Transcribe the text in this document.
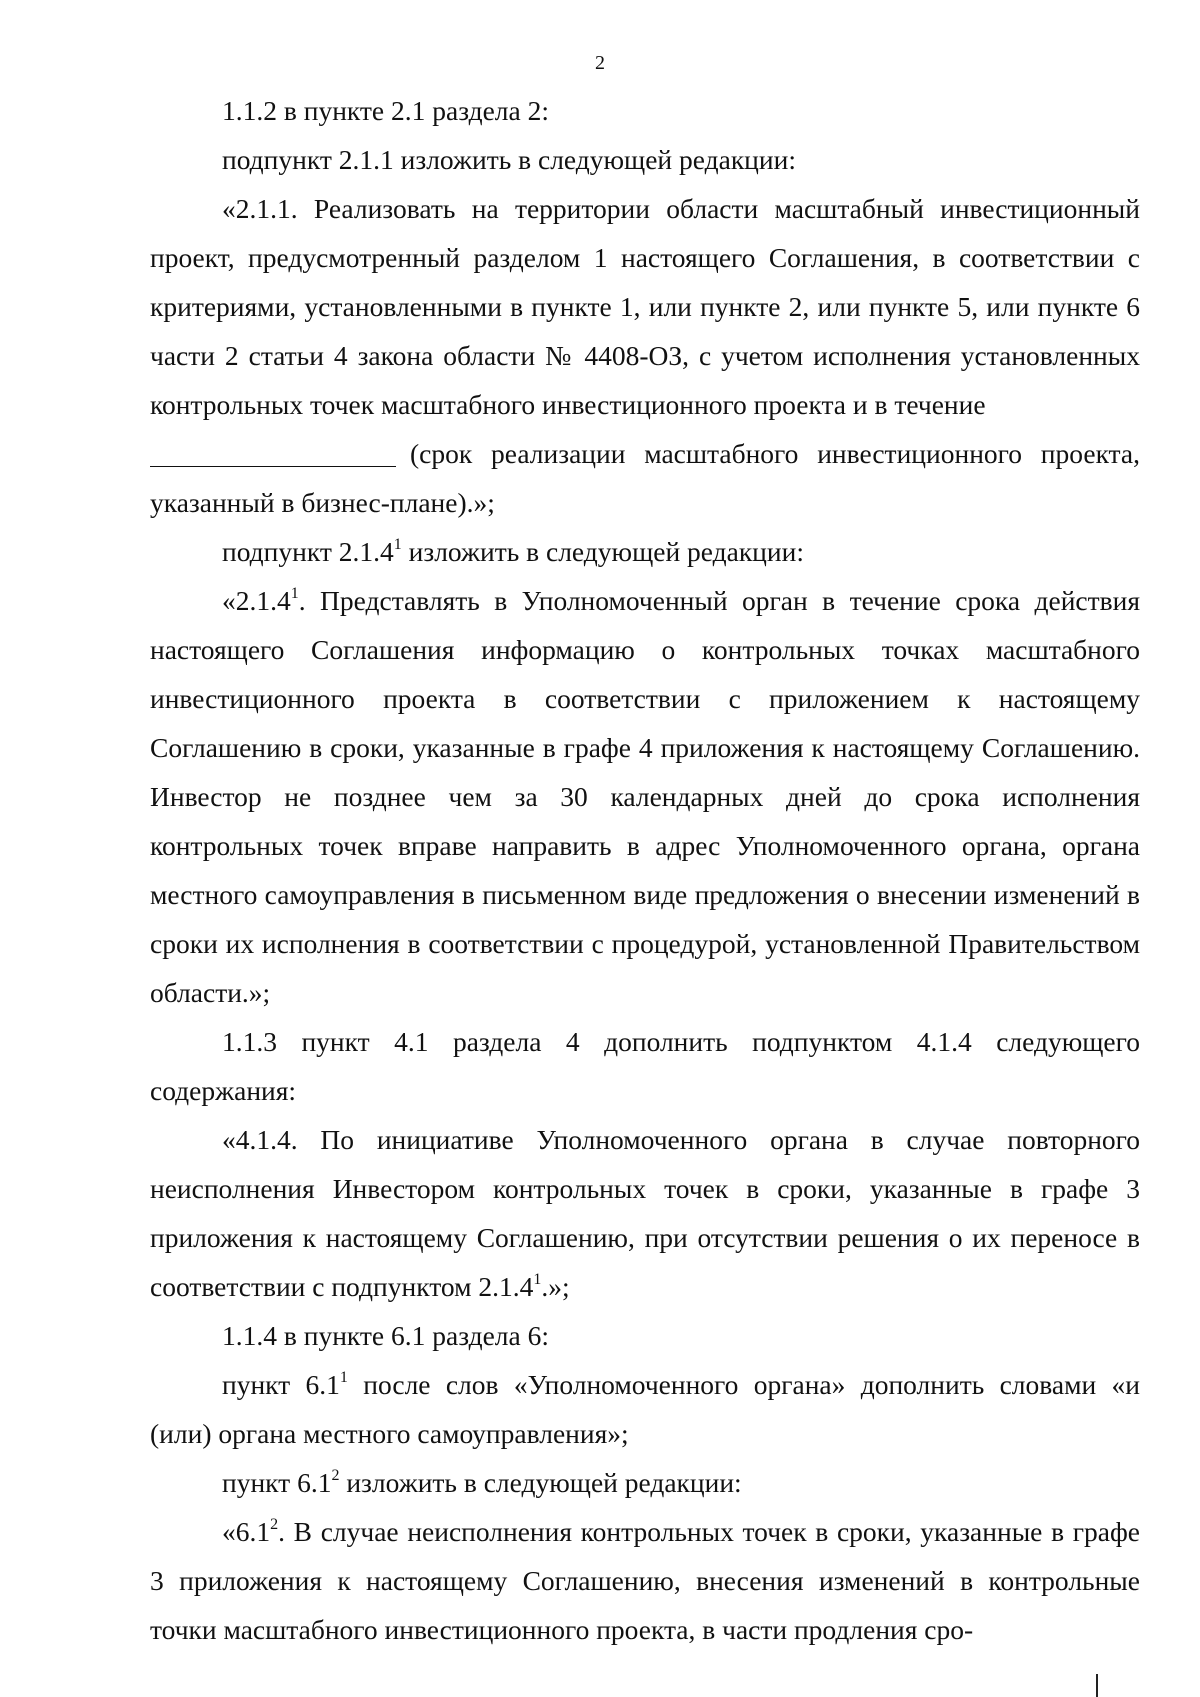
2

1.1.2 в пункте 2.1 раздела 2:

подпункт 2.1.1 изложить в следующей редакции:

«2.1.1. Реализовать на территории области масштабный инвестиционный проект, предусмотренный разделом 1 настоящего Соглашения, в соответствии с критериями, установленными в пункте 1, или пункте 2, или пункте 5, или пункте 6 части 2 статьи 4 закона области № 4408-ОЗ, с учетом исполнения установленных контрольных точек масштабного инвестиционного проекта и в течение

(срок реализации масштабного инвестиционного проекта, указанный в бизнес-плане).»;

подпункт 2.1.4$^1$ изложить в следующей редакции:

«2.1.4$^1$. Представлять в Уполномоченный орган в течение срока действия настоящего Соглашения информацию о контрольных точках масштабного инвестиционного проекта в соответствии с приложением к настоящему Соглашению в сроки, указанные в графе 4 приложения к настоящему Соглашению. Инвестор не позднее чем за 30 календарных дней до срока исполнения контрольных точек вправе направить в адрес Уполномоченного органа, органа местного самоуправления в письменном виде предложения о внесении изменений в сроки их исполнения в соответствии с процедурой, установленной Правительством области.»;

1.1.3 пункт 4.1 раздела 4 дополнить подпунктом 4.1.4 следующего содержания:

«4.1.4. По инициативе Уполномоченного органа в случае повторного неисполнения Инвестором контрольных точек в сроки, указанные в графе 3 приложения к настоящему Соглашению, при отсутствии решения о их переносе в соответствии с подпунктом 2.1.4$^1$.»;

1.1.4 в пункте 6.1 раздела 6:

пункт $6.1^1$ после слов «Уполномоченного органа» дополнить словами «и (или) органа местного самоуправления»;

пункт $6.1^2$ изложить в следующей редакции:

«$6.1^2$. В случае неисполнения контрольных точек в сроки, указанные в графе 3 приложения к настоящему Соглашению, внесения изменений в контрольные точки масштабного инвестиционного проекта, в части продления сро-
